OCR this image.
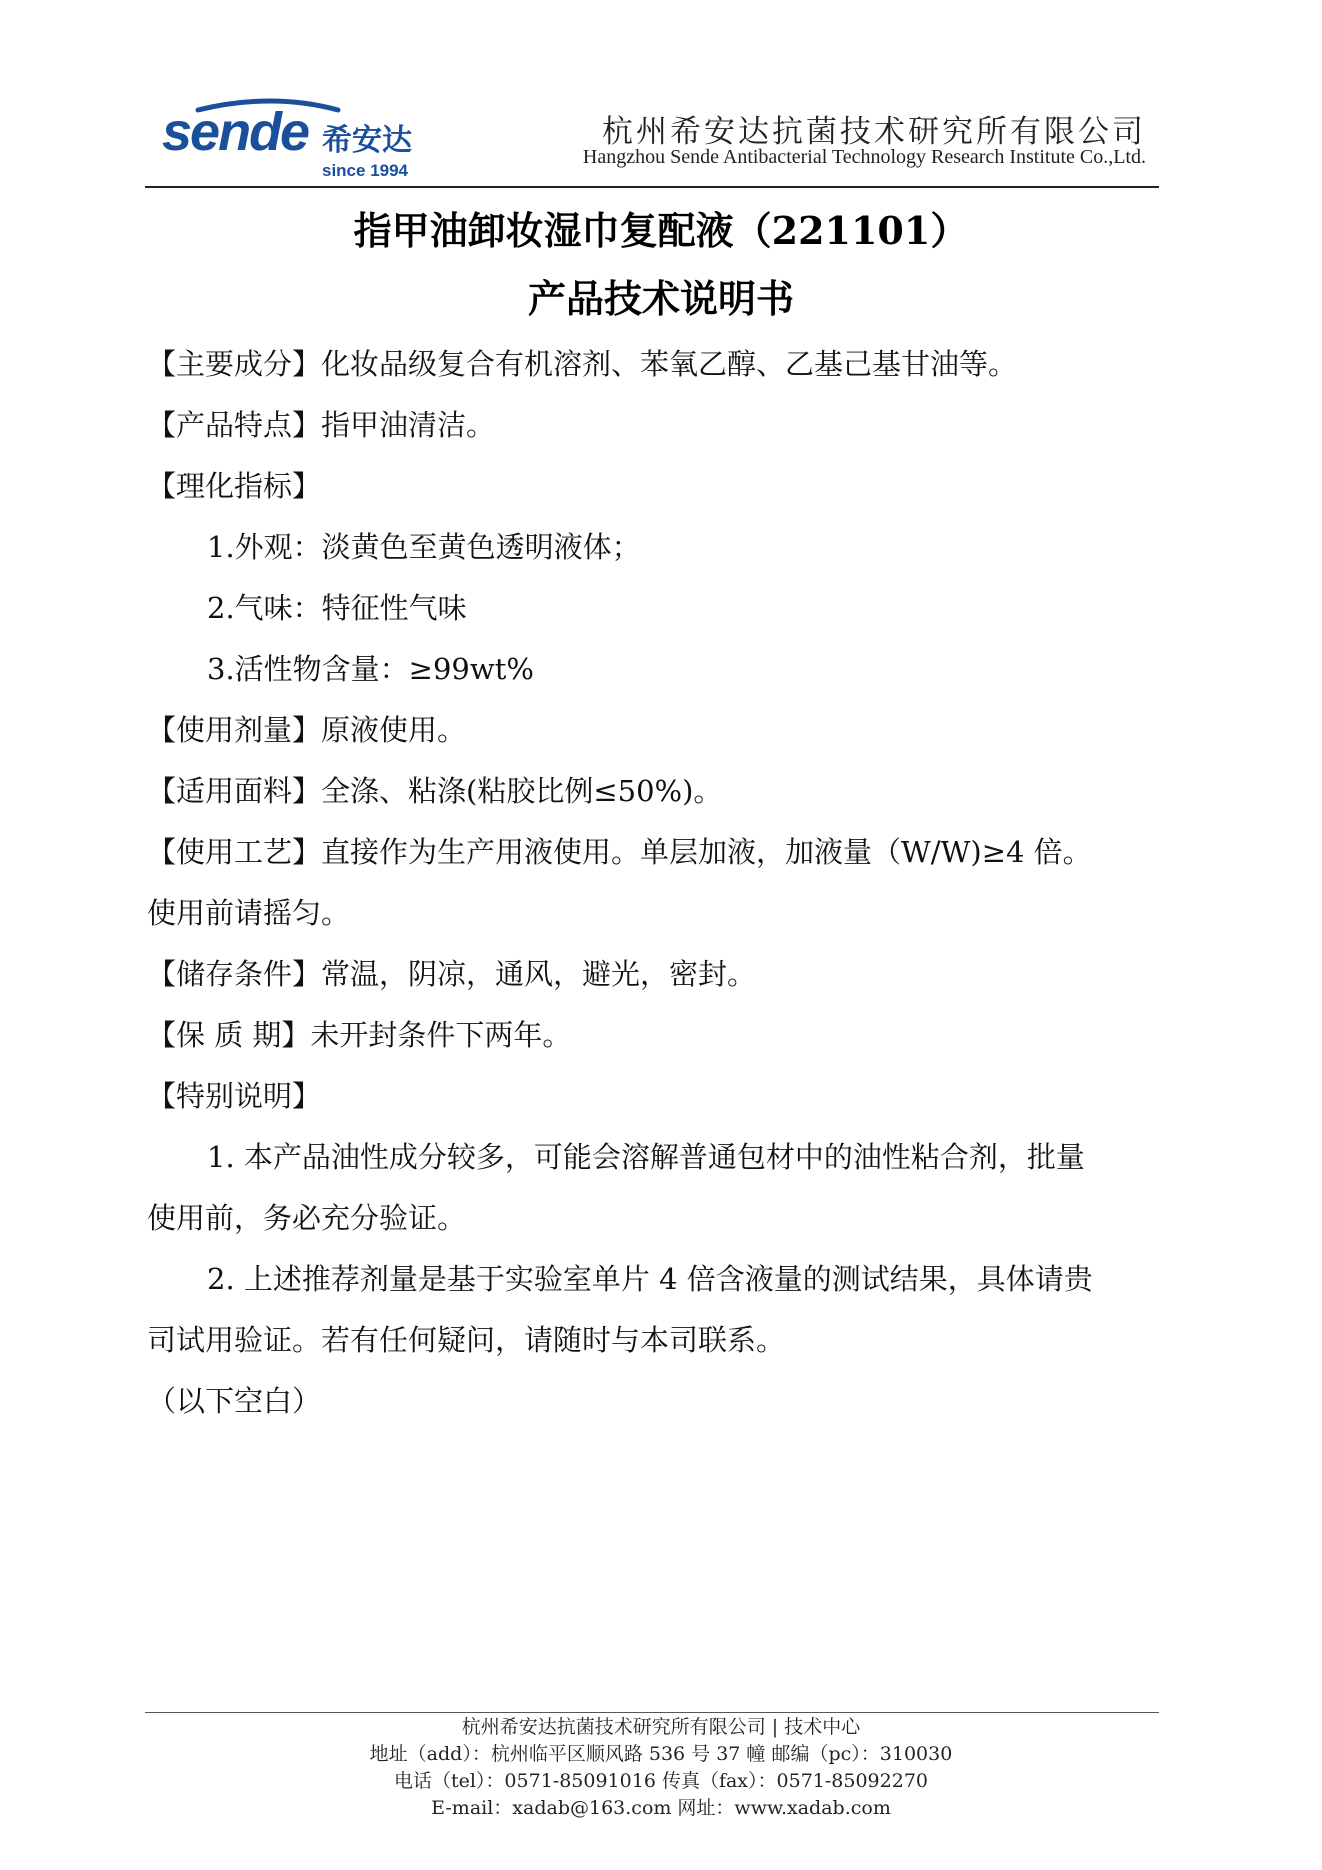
sende 希安达
since 1994
杭州希安达抗菌技术研究所有限公司
Hangzhou Sende Antibacterial Technology Research Institute Co.,Ltd.
指甲油卸妆湿巾复配液（221101）
产品技术说明书
【主要成分】化妆品级复合有机溶剂、苯氧乙醇、乙基己基甘油等。
【产品特点】指甲油清洁。
【理化指标】
1.外观：淡黄色至黄色透明液体；
2.气味：特征性气味
3.活性物含量：≥99wt%
【使用剂量】原液使用。
【适用面料】全涤、粘涤(粘胶比例≤50%)。
【使用工艺】直接作为生产用液使用。单层加液，加液量（W/W)≥4 倍。
使用前请摇匀。
【储存条件】常温，阴凉，通风，避光，密封。
【保 质 期】未开封条件下两年。
【特别说明】
1. 本产品油性成分较多，可能会溶解普通包材中的油性粘合剂，批量
使用前，务必充分验证。
2. 上述推荐剂量是基于实验室单片 4 倍含液量的测试结果，具体请贵
司试用验证。若有任何疑问，请随时与本司联系。
（以下空白）
杭州希安达抗菌技术研究所有限公司 | 技术中心
地址（add）：杭州临平区顺风路 536 号 37 幢 邮编（pc）：310030
电话（tel）：0571-85091016 传真（fax）：0571-85092270
E-mail：xadab@163.com 网址：www.xadab.com
